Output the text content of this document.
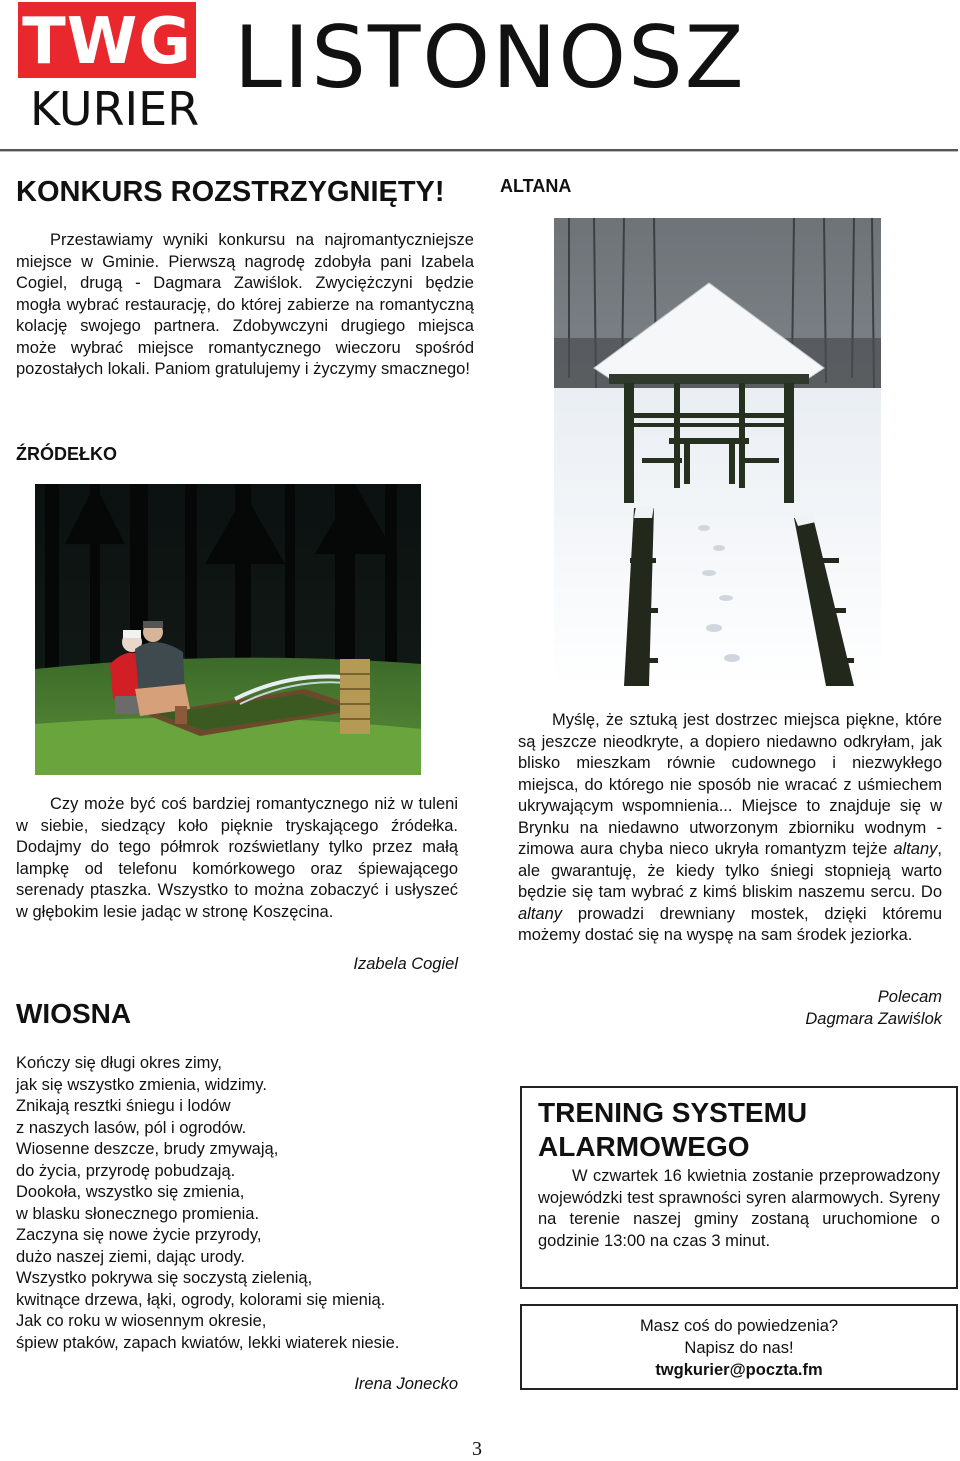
TWG
KURIER
LISTONOSZ
KONKURS ROZSTRZYGNIĘTY!
Przestawiamy wyniki konkursu na najromantyczniejsze miejsce w Gminie. Pierwszą nagrodę zdobyła pani Izabela Cogiel, drugą - Dagmara Zawiślok. Zwyciężczyni będzie mogła wybrać restaurację, do której zabierze na romantyczną kolację swojego partnera. Zdobywczyni drugiego miejsca może wybrać miejsce romantycznego wieczoru spośród pozostałych lokali. Paniom gratulujemy i życzymy smacznego!
ŹRÓDEŁKO
Czy może być coś bardziej romantycznego niż w tuleni w siebie, siedzący koło pięknie tryskającego źródełka. Dodajmy do tego półmrok rozświetlany tylko przez małą lampkę od telefonu komórkowego oraz śpiewającego serenady ptaszka. Wszystko to można zobaczyć i usłyszeć w głębokim lesie jadąc w stronę Koszęcina.
Izabela Cogiel
WIOSNA
Kończy się długi okres zimy,
jak się wszystko zmienia, widzimy.
Znikają resztki śniegu i lodów
z naszych lasów, pól i ogrodów.
Wiosenne deszcze, brudy zmywają,
do życia, przyrodę pobudzają.
Dookoła, wszystko się zmienia,
w blasku słonecznego promienia.
Zaczyna się nowe życie przyrody,
dużo naszej ziemi, dając urody.
Wszystko pokrywa się soczystą zielenią,
kwitnące drzewa, łąki, ogrody, kolorami się mienią.
Jak co roku w wiosennym okresie,
śpiew ptaków, zapach kwiatów, lekki wiaterek niesie.
Irena Jonecko
ALTANA

Myślę, że sztuką jest dostrzec miejsca piękne, które są jeszcze nieodkryte, a dopiero niedawno odkryłam, jak blisko mieszkam równie cudownego i niezwykłego miejsca, do którego nie sposób nie wracać z uśmiechem ukrywającym wspomnienia... Miejsce to znajduje się w Brynku na niedawno utworzonym zbiorniku wodnym - zimowa aura chyba nieco ukryła romantyzm tejże altany, ale gwarantuję, że kiedy tylko śniegi stopnieją warto będzie się tam wybrać z kimś bliskim naszemu sercu. Do altany prowadzi drewniany mostek, dzięki któremu możemy dostać się na wyspę na sam środek jeziorka.

Polecam
Dagmara Zawiślok
TRENING SYSTEMU
ALARMOWEGO
W czwartek 16 kwietnia zostanie przeprowadzony wojewódzki test sprawności syren alarmowych. Syreny na terenie naszej gminy zostaną uruchomione o godzinie 13:00 na czas 3 minut.
Masz coś do powiedzenia?
Napisz do nas!
twgkurier@poczta.fm
3
